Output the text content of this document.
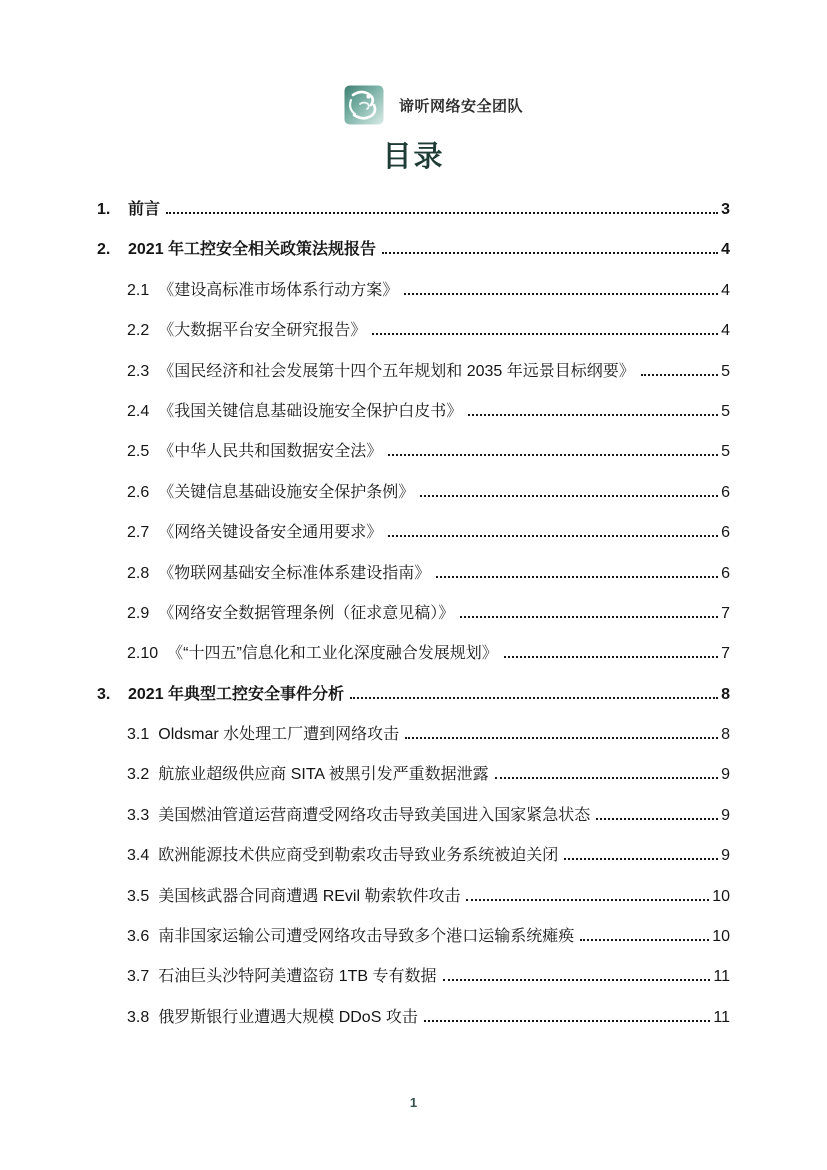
谛听网络安全团队
目录
1.	前言	3
2.	2021 年工控安全相关政策法规报告	4
2.1 《建设高标准市场体系行动方案》	4
2.2 《大数据平台安全研究报告》	4
2.3 《国民经济和社会发展第十四个五年规划和 2035 年远景目标纲要》	5
2.4 《我国关键信息基础设施安全保护白皮书》	5
2.5 《中华人民共和国数据安全法》	5
2.6 《关键信息基础设施安全保护条例》	6
2.7 《网络关键设备安全通用要求》	6
2.8 《物联网基础安全标准体系建设指南》	6
2.9 《网络安全数据管理条例（征求意见稿）》	7
2.10 《“十四五”信息化和工业化深度融合发展规划》	7
3.	2021 年典型工控安全事件分析	8
3.1 Oldsmar 水处理工厂遭到网络攻击	8
3.2 航旅业超级供应商 SITA 被黑引发严重数据泄露	9
3.3 美国燃油管道运营商遭受网络攻击导致美国进入国家紧急状态	9
3.4 欧洲能源技术供应商受到勒索攻击导致业务系统被迫关闭	9
3.5 美国核武器合同商遭遇 REvil 勒索软件攻击	10
3.6 南非国家运输公司遭受网络攻击导致多个港口运输系统瘫痪	10
3.7 石油巨头沙特阿美遭盗窃 1TB 专有数据	11
3.8 俄罗斯银行业遭遇大规模 DDoS 攻击	11
1
